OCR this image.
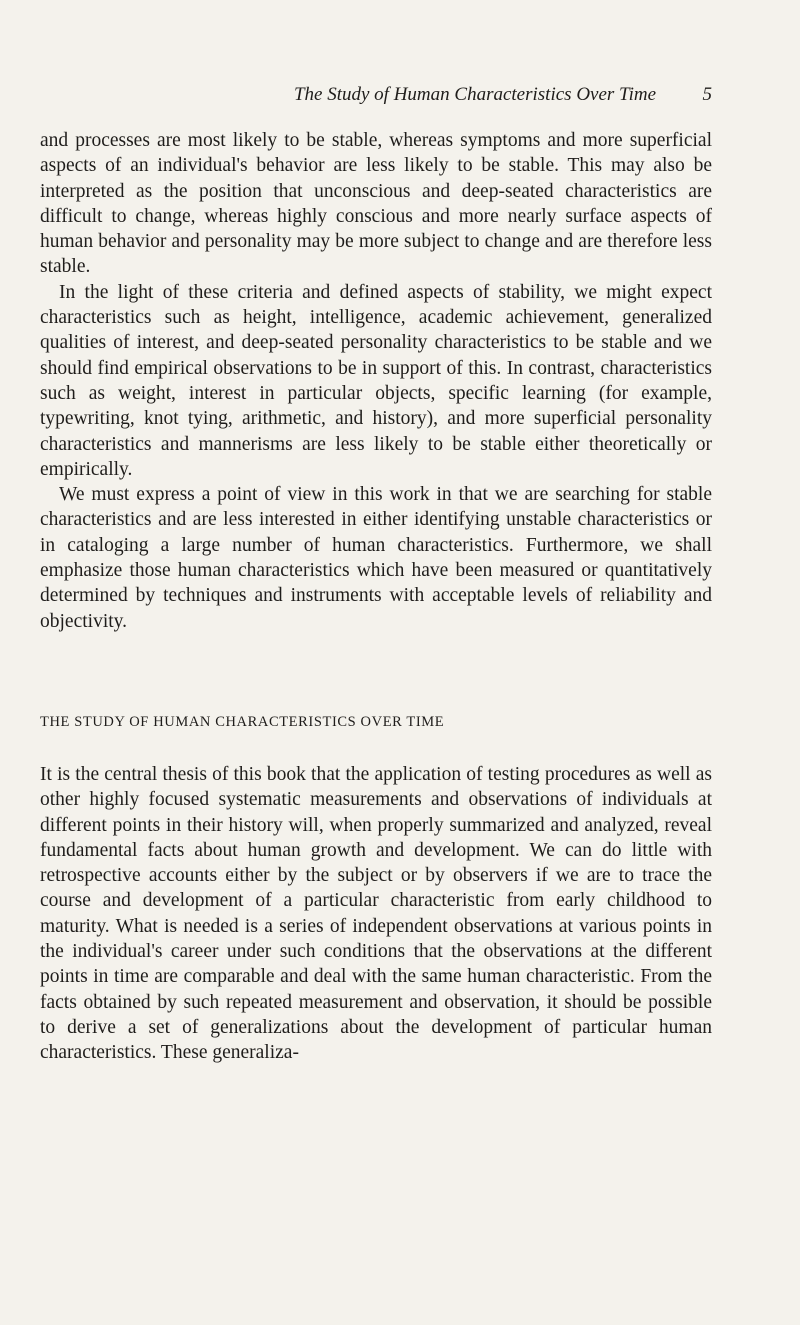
The Study of Human Characteristics Over Time 5

and processes are most likely to be stable, whereas symptoms and more superficial aspects of an individual's behavior are less likely to be stable. This may also be interpreted as the position that unconscious and deep-seated characteristics are difficult to change, whereas highly conscious and more nearly surface aspects of human behavior and personality may be more subject to change and are therefore less stable.

In the light of these criteria and defined aspects of stability, we might expect characteristics such as height, intelligence, academic achievement, generalized qualities of interest, and deep-seated personality characteristics to be stable and we should find empirical observations to be in support of this. In contrast, characteristics such as weight, interest in particular objects, specific learning (for example, typewriting, knot tying, arithmetic, and history), and more superficial personality characteristics and mannerisms are less likely to be stable either theoretically or empirically.

We must express a point of view in this work in that we are searching for stable characteristics and are less interested in either identifying unstable characteristics or in cataloging a large number of human characteristics. Furthermore, we shall emphasize those human characteristics which have been measured or quantitatively determined by techniques and instruments with acceptable levels of reliability and objectivity.

THE STUDY OF HUMAN CHARACTERISTICS OVER TIME

It is the central thesis of this book that the application of testing procedures as well as other highly focused systematic measurements and observations of individuals at different points in their history will, when properly summarized and analyzed, reveal fundamental facts about human growth and development. We can do little with retrospective accounts either by the subject or by observers if we are to trace the course and development of a particular characteristic from early childhood to maturity. What is needed is a series of independent observations at various points in the individual's career under such conditions that the observations at the different points in time are comparable and deal with the same human characteristic. From the facts obtained by such repeated measurement and observation, it should be possible to derive a set of generalizations about the development of particular human characteristics. These generaliza-
